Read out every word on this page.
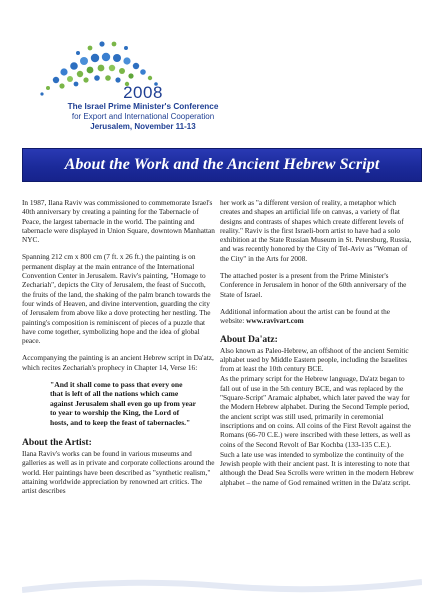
2008
The Israel Prime Minister's Conference
for Export and International Cooperation
Jerusalem, November 11-13
About the Work and the Ancient Hebrew Script

In 1987, Ilana Raviv was commissioned to commemorate Israel's 40th anniversary by creating a painting for the Tabernacle of Peace, the largest tabernacle in the world. The painting and tabernacle were displayed in Union Square, downtown Manhattan NYC.

Spanning 212 cm x 800 cm (7 ft. x 26 ft.) the painting is on permanent display at the main entrance of the International Convention Center in Jerusalem. Raviv's painting, "Homage to Zechariah", depicts the City of Jerusalem, the feast of Succoth, the fruits of the land, the shaking of the palm branch towards the four winds of Heaven, and divine intervention, guarding the city of Jerusalem from above like a dove protecting her nestling. The painting's composition is reminiscent of pieces of a puzzle that have come together, symbolizing hope and the idea of global peace.

Accompanying the painting is an ancient Hebrew script in Da'atz, which recites Zechariah's prophecy in Chapter 14, Verse 16:

"And it shall come to pass that every one that is left of all the nations which came against Jerusalem shall even go up from year to year to worship the King, the Lord of hosts, and to keep the feast of tabernacles."
About the Artist:

Ilana Raviv's works can be found in various museums and galleries as well as in private and corporate collections around the world. Her paintings have been described as "synthetic realism," attaining worldwide appreciation by renowned art critics. The artist describes

her work as "a different version of reality, a metaphor which creates and shapes an artificial life on canvas, a variety of flat designs and contrasts of shapes which create different levels of reality." Raviv is the first Israeli-born artist to have had a solo exhibition at the State Russian Museum in St. Petersburg, Russia, and was recently honored by the City of Tel-Aviv as "Woman of the City" in the Arts for 2008.

The attached poster is a present from the Prime Minister's Conference in Jerusalem in honor of the 60th anniversary of the State of Israel.

Additional information about the artist can be found at the website: www.ravivart.com

About Da'atz:

Also known as Paleo-Hebrew, an offshoot of the ancient Semitic alphabet used by Middle Eastern people, including the Israelites from at least the 10th century BCE.

As the primary script for the Hebrew language, Da'atz began to fall out of use in the 5th century BCE, and was replaced by the "Square-Script" Aramaic alphabet, which later paved the way for the Modern Hebrew alphabet. During the Second Temple period, the ancient script was still used, primarily in ceremonial inscriptions and on coins. All coins of the First Revolt against the Romans (66-70 C.E.) were inscribed with these letters, as well as coins of the Second Revolt of Bar Kochba (133-135 C.E.).

Such a late use was intended to symbolize the continuity of the Jewish people with their ancient past. It is interesting to note that although the Dead Sea Scrolls were written in the modern Hebrew alphabet – the name of God remained written in the Da'atz script.
